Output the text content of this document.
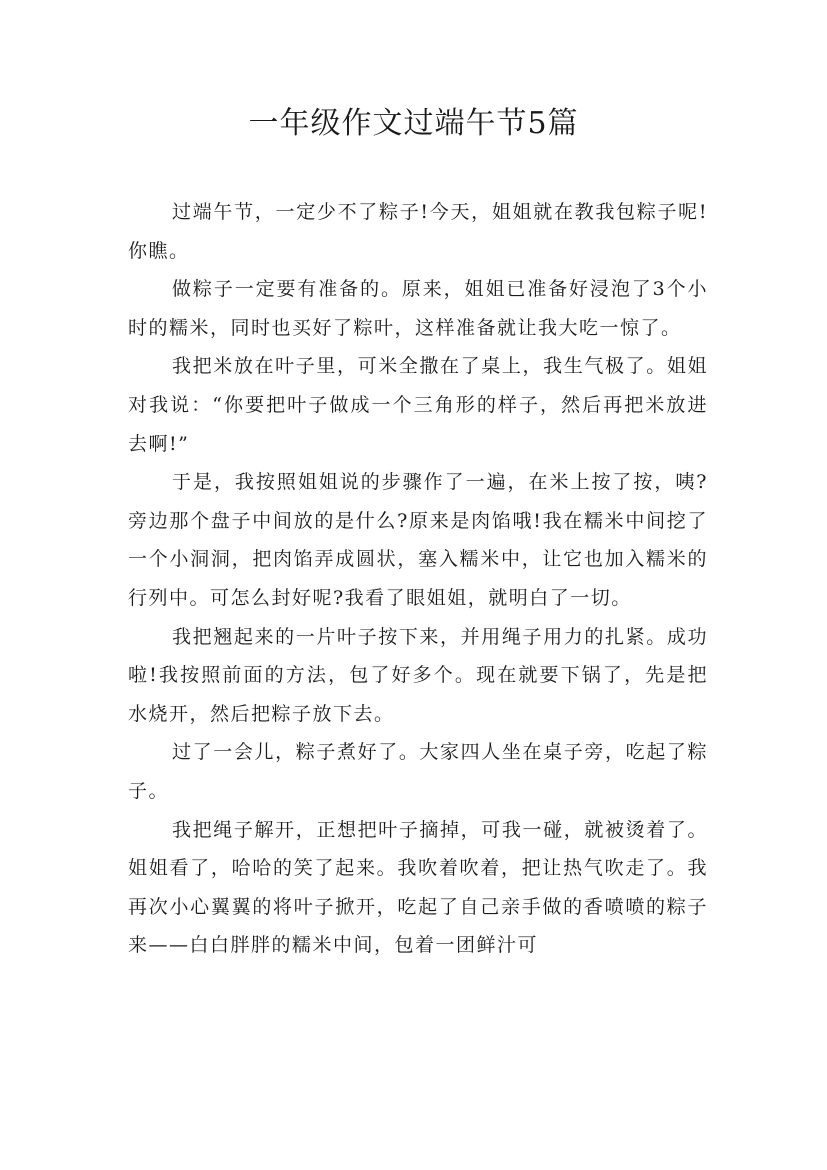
一年级作文过端午节5篇

过端午节，一定少不了粽子!今天，姐姐就在教我包粽子呢!你瞧。

做粽子一定要有准备的。原来，姐姐已准备好浸泡了3个小时的糯米，同时也买好了粽叶，这样准备就让我大吃一惊了。

我把米放在叶子里，可米全撒在了桌上，我生气极了。姐姐对我说：“你要把叶子做成一个三角形的样子，然后再把米放进去啊!”

于是，我按照姐姐说的步骤作了一遍，在米上按了按，咦?旁边那个盘子中间放的是什么?原来是肉馅哦!我在糯米中间挖了一个小洞洞，把肉馅弄成圆状，塞入糯米中，让它也加入糯米的行列中。可怎么封好呢?我看了眼姐姐，就明白了一切。

我把翘起来的一片叶子按下来，并用绳子用力的扎紧。成功啦!我按照前面的方法，包了好多个。现在就要下锅了，先是把水烧开，然后把粽子放下去。

过了一会儿，粽子煮好了。大家四人坐在桌子旁，吃起了粽子。

我把绳子解开，正想把叶子摘掉，可我一碰，就被烫着了。姐姐看了，哈哈的笑了起来。我吹着吹着，把让热气吹走了。我再次小心翼翼的将叶子掀开，吃起了自己亲手做的香喷喷的粽子来——白白胖胖的糯米中间，包着一团鲜汁可
